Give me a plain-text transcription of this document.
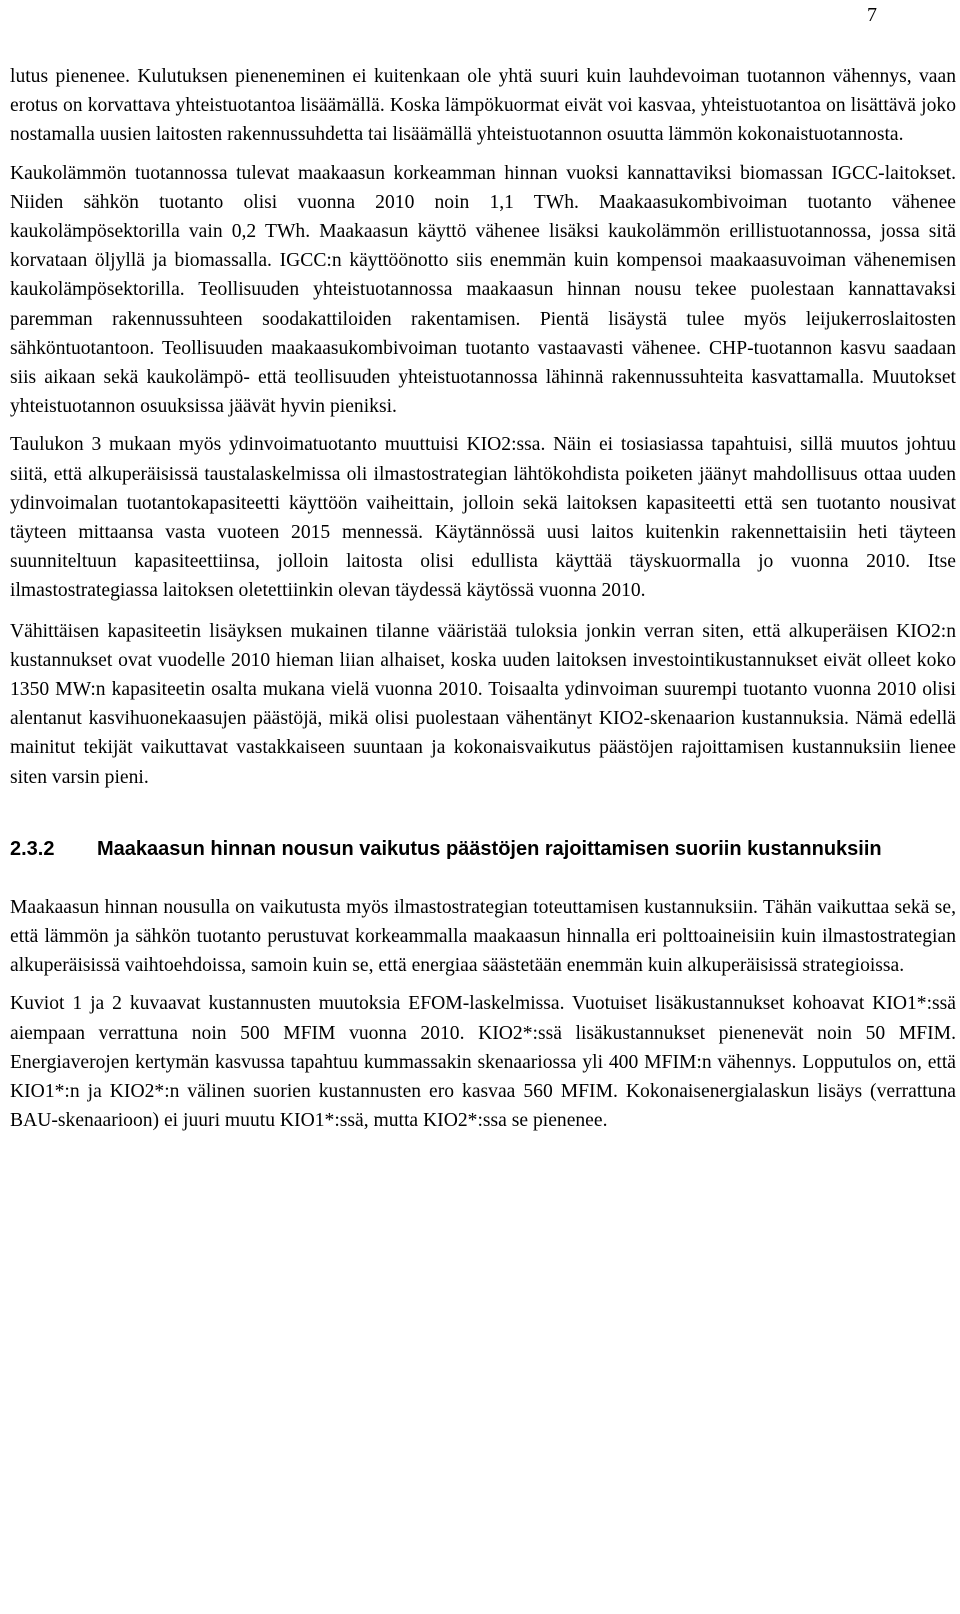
7

lutus pienenee. Kulutuksen pieneneminen ei kuitenkaan ole yhtä suuri kuin lauhdevoiman tuotannon vähennys, vaan erotus on korvattava yhteistuotantoa lisäämällä. Koska lämpökuormat eivät voi kasvaa, yhteistuotantoa on lisättävä joko nostamalla uusien laitosten rakennussuhdetta tai lisäämällä yhteistuotannon osuutta lämmön kokonaistuotannosta.

Kaukolämmön tuotannossa tulevat maakaasun korkeamman hinnan vuoksi kannattaviksi biomassan IGCC-laitokset. Niiden sähkön tuotanto olisi vuonna 2010 noin 1,1 TWh. Maakaasukombivoiman tuotanto vähenee kaukolämpösektorilla vain 0,2 TWh. Maakaasun käyttö vähenee lisäksi kaukolämmön erillistuotannossa, jossa sitä korvataan öljyllä ja biomassalla. IGCC:n käyttöönotto siis enemmän kuin kompensoi maakaasuvoiman vähenemisen kaukolämpösektorilla. Teollisuuden yhteistuotannossa maakaasun hinnan nousu tekee puolestaan kannattavaksi paremman rakennussuhteen soodakattiloiden rakentamisen. Pientä lisäystä tulee myös leijukerroslaitosten sähköntuotantoon. Teollisuuden maakaasukombivoiman tuotanto vastaavasti vähenee. CHP-tuotannon kasvu saadaan siis aikaan sekä kaukolämpö- että teollisuuden yhteistuotannossa lähinnä rakennussuhteita kasvattamalla. Muutokset yhteistuotannon osuuksissa jäävät hyvin pieniksi.

Taulukon 3 mukaan myös ydinvoimatuotanto muuttuisi KIO2:ssa. Näin ei tosiasiassa tapahtuisi, sillä muutos johtuu siitä, että alkuperäisissä taustalaskelmissa oli ilmastostrategian lähtökohdista poiketen jäänyt mahdollisuus ottaa uuden ydinvoimalan tuotantokapasiteetti käyttöön vaiheittain, jolloin sekä laitoksen kapasiteetti että sen tuotanto nousivat täyteen mittaansa vasta vuoteen 2015 mennessä. Käytännössä uusi laitos kuitenkin rakennettaisiin heti täyteen suunniteltuun kapasiteettiinsa, jolloin laitosta olisi edullista käyttää täyskuormalla jo vuonna 2010. Itse ilmastostrategiassa laitoksen oletettiinkin olevan täydessä käytössä vuonna 2010.

Vähittäisen kapasiteetin lisäyksen mukainen tilanne vääristää tuloksia jonkin verran siten, että alkuperäisen KIO2:n kustannukset ovat vuodelle 2010 hieman liian alhaiset, koska uuden laitoksen investointikustannukset eivät olleet koko 1350 MW:n kapasiteetin osalta mukana vielä vuonna 2010. Toisaalta ydinvoiman suurempi tuotanto vuonna 2010 olisi alentanut kasvihuonekaasujen päästöjä, mikä olisi puolestaan vähentänyt KIO2-skenaarion kustannuksia. Nämä edellä mainitut tekijät vaikuttavat vastakkaiseen suuntaan ja kokonaisvaikutus päästöjen rajoittamisen kustannuksiin lienee siten varsin pieni.

2.3.2	Maakaasun hinnan nousun vaikutus päästöjen rajoittamisen suoriin kustannuksiin

Maakaasun hinnan nousulla on vaikutusta myös ilmastostrategian toteuttamisen kustannuksiin. Tähän vaikuttaa sekä se, että lämmön ja sähkön tuotanto perustuvat korkeammalla maakaasun hinnalla eri polttoaineisiin kuin ilmastostrategian alkuperäisissä vaihtoehdoissa, samoin kuin se, että energiaa säästetään enemmän kuin alkuperäisissä strategioissa.

Kuviot 1 ja 2 kuvaavat kustannusten muutoksia EFOM-laskelmissa. Vuotuiset lisäkustannukset kohoavat KIO1*:ssä aiempaan verrattuna noin 500 MFIM vuonna 2010. KIO2*:ssä lisäkustannukset pienenevät noin 50 MFIM. Energiaverojen kertymän kasvussa tapahtuu kummassakin skenaariossa yli 400 MFIM:n vähennys. Lopputulos on, että KIO1*:n ja KIO2*:n välinen suorien kustannusten ero kasvaa 560 MFIM. Kokonaisenergialaskun lisäys (verrattuna BAU-skenaarioon) ei juuri muutu KIO1*:ssä, mutta KIO2*:ssa se pienenee.
